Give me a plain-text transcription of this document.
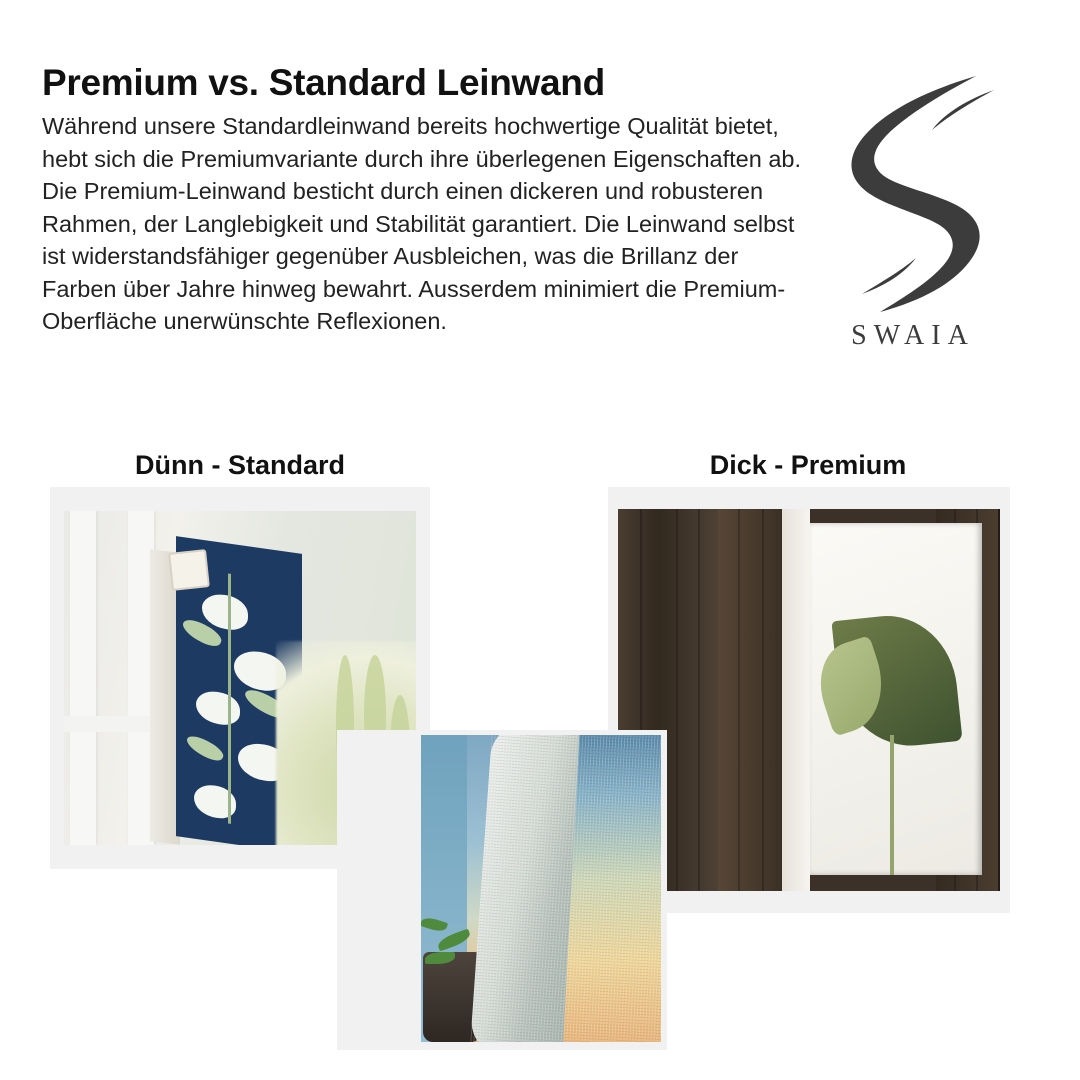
Premium vs. Standard Leinwand

Während unsere Standardleinwand bereits hochwertige Qualität bietet, hebt sich die Premiumvariante durch ihre überlegenen Eigenschaften ab. Die Premium-Leinwand besticht durch einen dickeren und robusteren Rahmen, der Langlebigkeit und Stabilität garantiert. Die Leinwand selbst ist widerstandsfähiger gegenüber Ausbleichen, was die Brillanz der Farben über Jahre hinweg bewahrt. Ausserdem minimiert die Premium-Oberfläche unerwünschte Reflexionen.	SWAIA
Dünn - Standard	Dick - Premium
